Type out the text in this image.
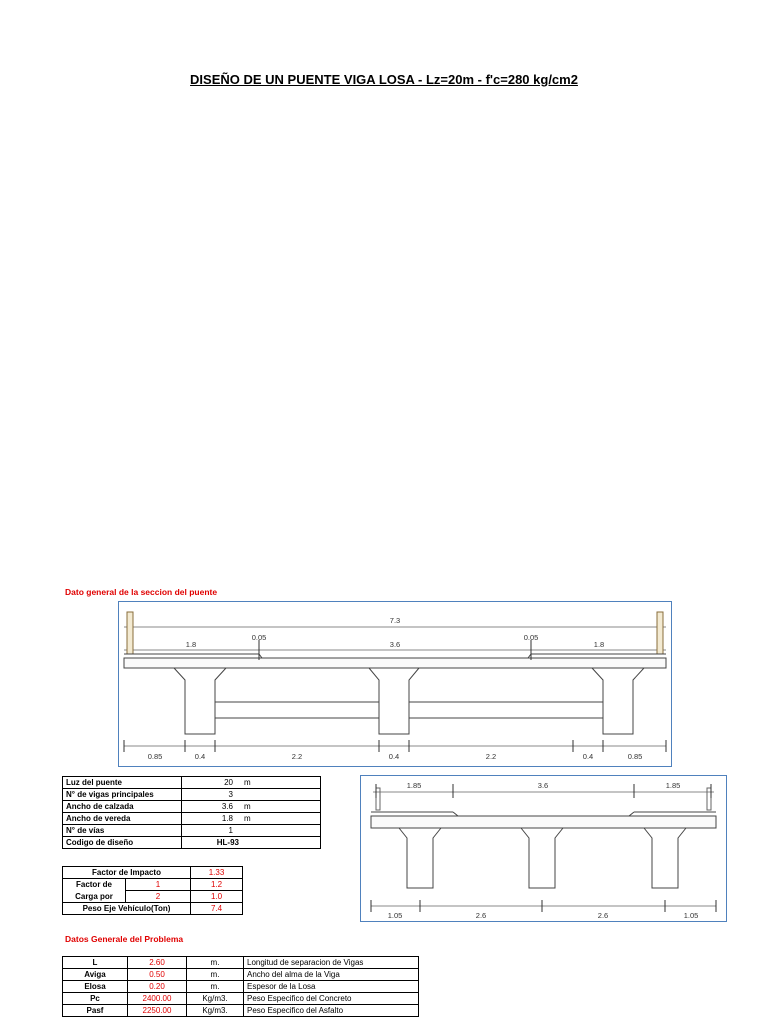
DISEÑO DE UN PUENTE VIGA LOSA - Lz=20m - f'c=280 kg/cm2
Dato general de la seccion del puente
7.3
1.8
0.05
3.6
0.05
1.8
0.85	0.4	2.2	0.4	2.2	0.4	0.85
Luz del puente	20	m
N° de vigas principales	3	
Ancho de calzada	3.6	m
Ancho de vereda	1.8	m
N° de vías	1	
Codigo de diseño	HL-93	
Factor de Impacto		1.33
Factor de	1	1.2
Carga por	2	1.0
Peso Eje Vehículo(Ton)		7.4
1.85	3.6	1.85
1.05	2.6	2.6	1.05
Datos Generale del Problema
L	2.60	m.	Longitud de separacion de Vigas
Aviga	0.50	m.	Ancho del alma de la Viga
Elosa	0.20	m.	Espesor de la Losa
Pc	2400.00	Kg/m3.	Peso Especifico del Concreto
Pasf	2250.00	Kg/m3.	Peso Especifico del Asfalto
